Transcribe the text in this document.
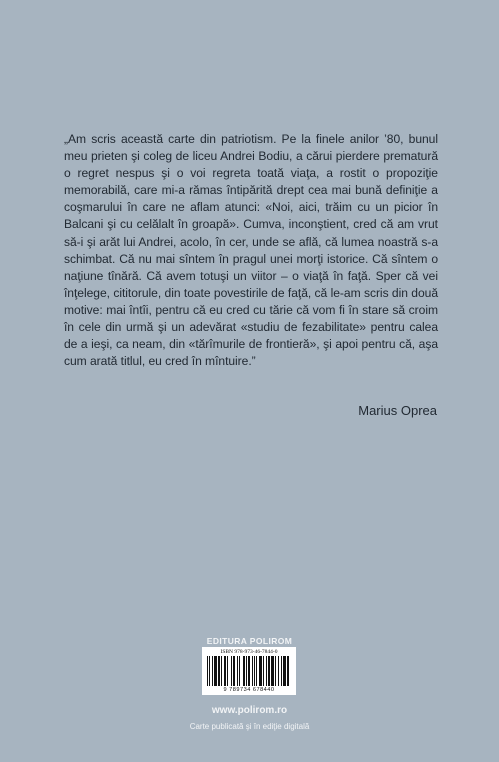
„Am scris această carte din patriotism. Pe la finele anilor ’80, bunul meu prieten şi coleg de liceu Andrei Bodiu, a cărui pierdere prematură o regret nespus şi o voi regreta toată viaţa, a rostit o propoziţie memorabilă, care mi-a rămas întipărită drept cea mai bună definiţie a coşmarului în care ne aflam atunci: «Noi, aici, trăim cu un picior în Balcani şi cu celălalt în groapă». Cumva, inconştient, cred că am vrut să-i şi arăt lui Andrei, acolo, în cer, unde se află, că lumea noastră s-a schimbat. Că nu mai sîntem în pragul unei morţi istorice. Că sîntem o naţiune tînără. Că avem totuşi un viitor – o viaţă în faţă. Sper că vei înţelege, cititorule, din toate povestirile de faţă, că le-am scris din două motive: mai întîi, pentru că eu cred cu tărie că vom fi în stare să croim în cele din urmă şi un adevărat «studiu de fezabilitate» pentru calea de a ieşi, ca neam, din «tărîmurile de frontieră», şi apoi pentru că, aşa cum arată titlul, eu cred în mîntuire.”

Marius Oprea

EDITURA POLIROM

ISBN 978-973-46-7844-0

9 789734 678440

www.polirom.ro

Carte publicată şi în ediţie digitală
